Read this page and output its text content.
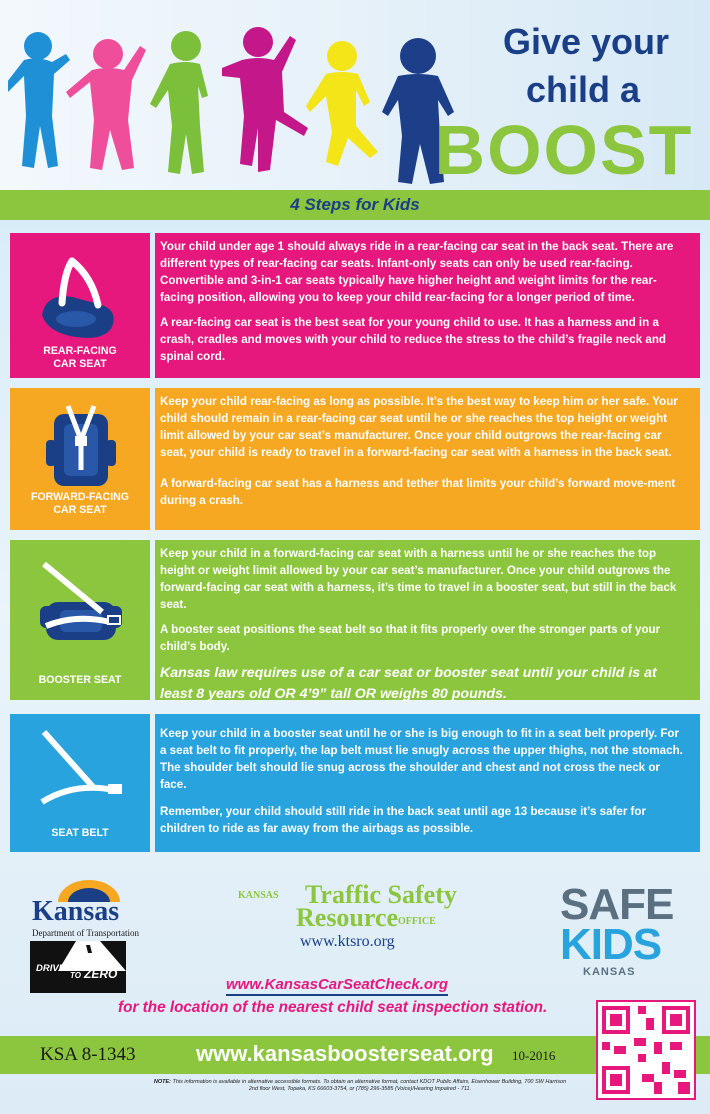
Give your
child a
BOOST
4 Steps for Kids
REAR-FACING
CAR SEAT

Your child under age 1 should always ride in a rear-facing car seat in the back seat. There are different types of rear-facing car seats. Infant-only seats can only be used rear-facing. Convertible and 3-in-1 car seats typically have higher height and weight limits for the rear-facing position, allowing you to keep your child rear-facing for a longer period of time.

A rear-facing car seat is the best seat for your young child to use. It has a harness and in a crash, cradles and moves with your child to reduce the stress to the child’s fragile neck and spinal cord.

FORWARD-FACING
CAR SEAT

Keep your child rear-facing as long as possible. It’s the best way to keep him or her safe. Your child should remain in a rear-facing car seat until he or she reaches the top height or weight limit allowed by your car seat’s manufacturer. Once your child outgrows the rear-facing car seat, your child is ready to travel in a forward-facing car seat with a harness in the back seat.

A forward-facing car seat has a harness and tether that limits your child’s forward move-ment during a crash.

BOOSTER SEAT

Keep your child in a forward-facing car seat with a harness until he or she reaches the top height or weight limit allowed by your car seat’s manufacturer. Once your child outgrows the forward-facing car seat with a harness, it’s time to travel in a booster seat, but still in the back seat.

A booster seat positions the seat belt so that it fits properly over the stronger parts of your child’s body.

Kansas law requires use of a car seat or booster seat until your child is at least 8 years old OR 4’9” tall OR weighs 80 pounds.

SEAT BELT

Keep your child in a booster seat until he or she is big enough to fit in a seat belt properly. For a seat belt to fit properly, the lap belt must lie snugly across the upper thighs, not the stomach. The shoulder belt should lie snug across the shoulder and chest and not cross the neck or face.

Remember, your child should still ride in the back seat until age 13 because it’s safer for children to ride as far away from the airbags as possible.

Kansas
Department of Transportation
DRIVE
TO ZERO
KANSAS Traffic Safety
Resource OFFICE
www.ktsro.org
SAFE
KIDS
KANSAS
www.KansasCarSeatCheck.org
for the location of the nearest child seat inspection station.
KSA 8-1343	www.kansasboosterseat.org 10-2016
NOTE: This information is available in alternative accessible formats. To obtain an alternative format, contact KDOT Public Affairs, Eisenhower Building, 700 SW Harrison 2nd floor West, Topeka, KS 66603-3754, or (785) 296-3585 (Voice)/Hearing Impaired - 711.
